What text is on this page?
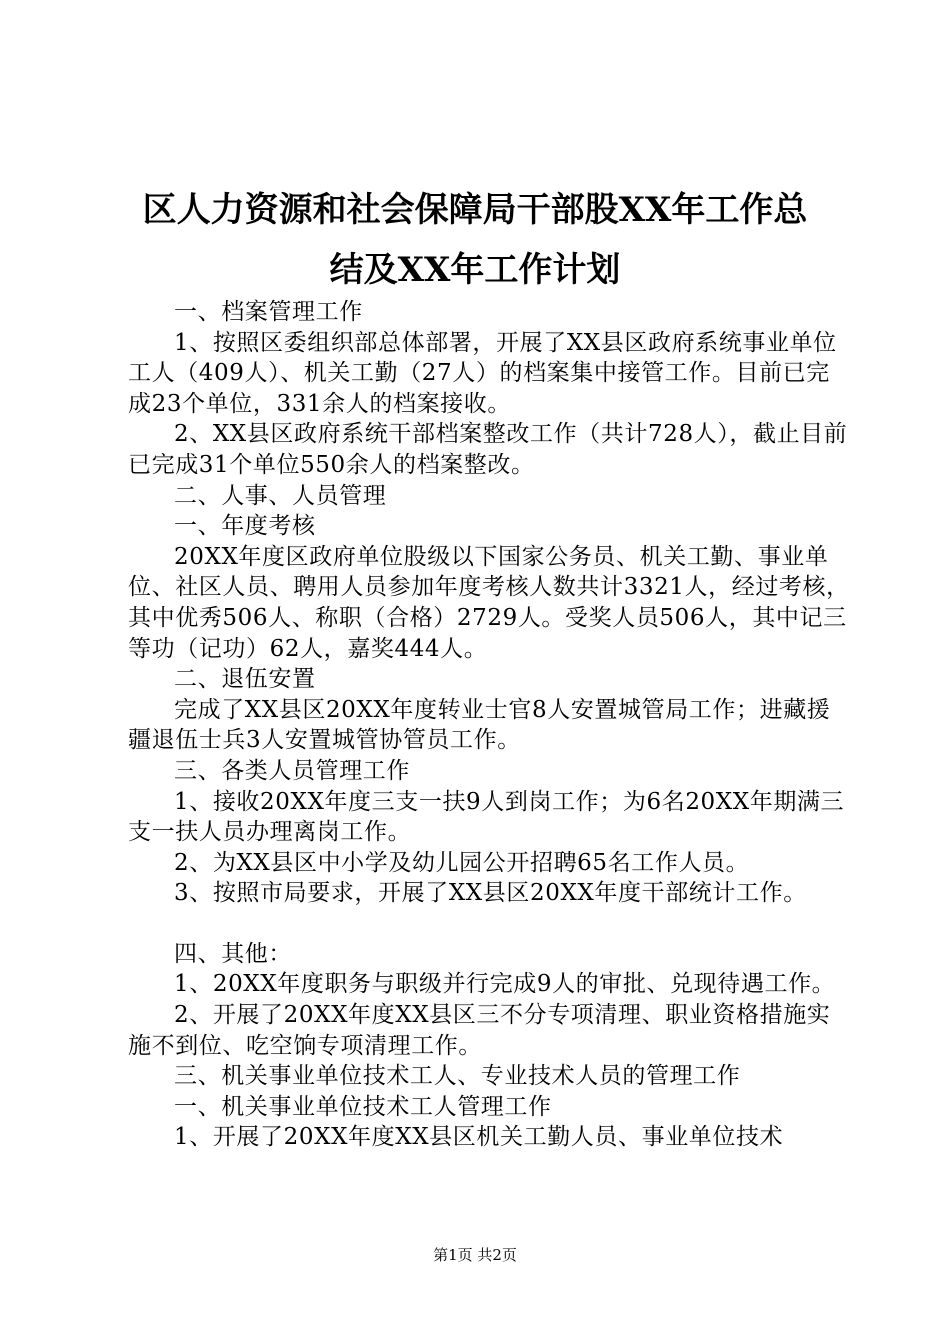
区人力资源和社会保障局干部股XX年工作总
结及XX年工作计划

一、档案管理工作

1、按照区委组织部总体部署，开展了XX县区政府系统事业单位工人（409人）、机关工勤（27人）的档案集中接管工作。目前已完成23个单位，331余人的档案接收。

2、XX县区政府系统干部档案整改工作（共计728人），截止目前已完成31个单位550余人的档案整改。

二、人事、人员管理

一、年度考核

20XX年度区政府单位股级以下国家公务员、机关工勤、事业单位、社区人员、聘用人员参加年度考核人数共计3321人，经过考核，其中优秀506人、称职（合格）2729人。受奖人员506人，其中记三等功（记功）62人，嘉奖444人。

二、退伍安置

完成了XX县区20XX年度转业士官8人安置城管局工作；进藏援疆退伍士兵3人安置城管协管员工作。

三、各类人员管理工作

1、接收20XX年度三支一扶9人到岗工作；为6名20XX年期满三支一扶人员办理离岗工作。

2、为XX县区中小学及幼儿园公开招聘65名工作人员。

3、按照市局要求，开展了XX县区20XX年度干部统计工作。

四、其他：

1、20XX年度职务与职级并行完成9人的审批、兑现待遇工作。

2、开展了20XX年度XX县区三不分专项清理、职业资格措施实施不到位、吃空饷专项清理工作。

三、机关事业单位技术工人、专业技术人员的管理工作

一、机关事业单位技术工人管理工作

1、开展了20XX年度XX县区机关工勤人员、事业单位技术

第1页 共2页
